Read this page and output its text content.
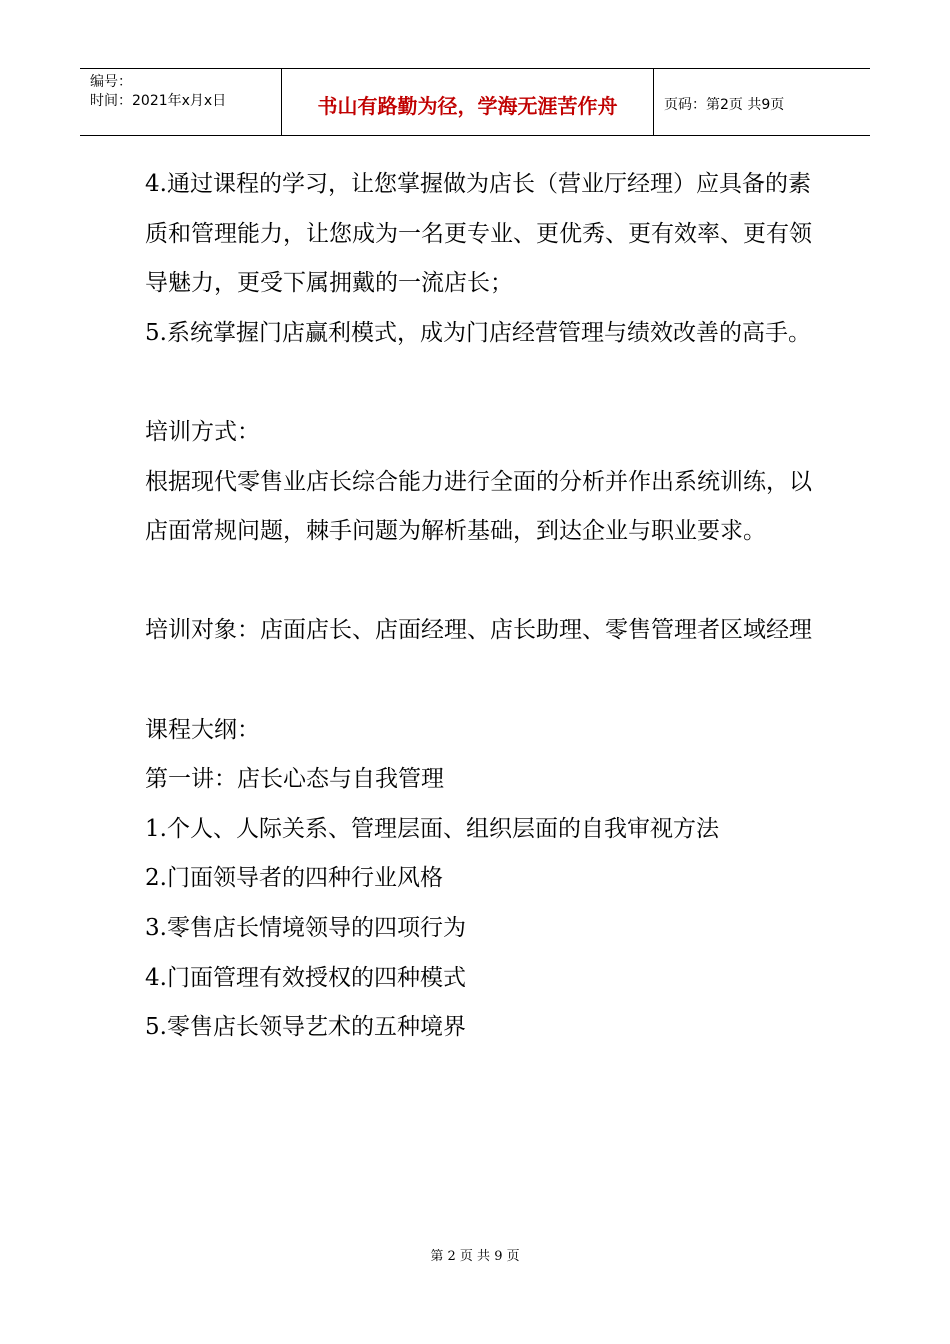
编号：
时间：2021年x月x日	书山有路勤为径，学海无涯苦作舟	页码：第2页 共9页

4.通过课程的学习，让您掌握做为店长（营业厅经理）应具备的素质和管理能力，让您成为一名更专业、更优秀、更有效率、更有领导魅力，更受下属拥戴的一流店长；

5.系统掌握门店赢利模式，成为门店经营管理与绩效改善的高手。

培训方式：

根据现代零售业店长综合能力进行全面的分析并作出系统训练，以店面常规问题，棘手问题为解析基础，到达企业与职业要求。

培训对象：店面店长、店面经理、店长助理、零售管理者区域经理

课程大纲：

第一讲：店长心态与自我管理

1.个人、人际关系、管理层面、组织层面的自我审视方法

2.门面领导者的四种行业风格

3.零售店长情境领导的四项行为

4.门面管理有效授权的四种模式

5.零售店长领导艺术的五种境界

第 2 页 共 9 页
